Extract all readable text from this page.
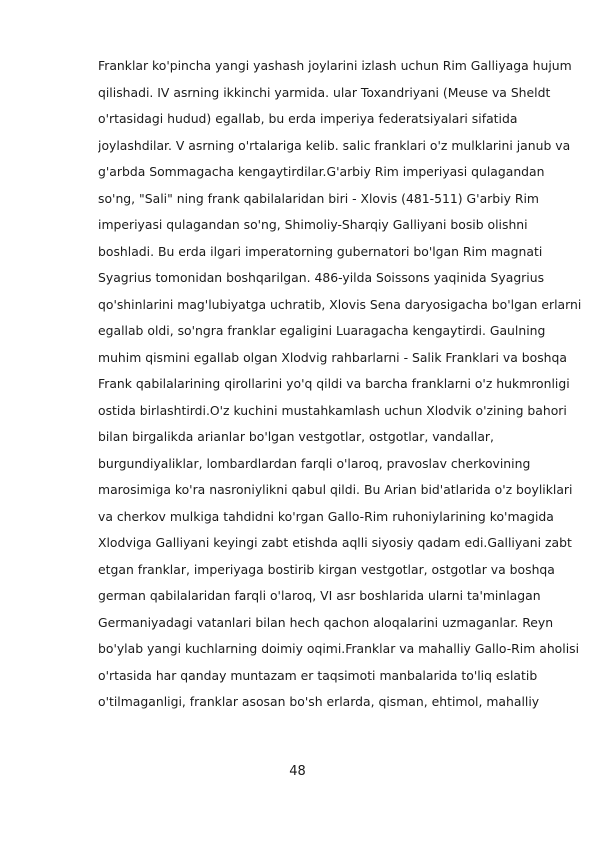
Franklar ko'pincha yangi yashash joylarini izlash uchun Rim Galliyaga hujum
qilishadi. IV asrning ikkinchi yarmida. ular Toxandriyani (Meuse va Sheldt
o'rtasidagi hudud) egallab, bu erda imperiya federatsiyalari sifatida
joylashdilar. V asrning o'rtalariga kelib. salic franklari o'z mulklarini janub va
g'arbda Sommagacha kengaytirdilar.G'arbiy Rim imperiyasi qulagandan
so'ng, "Sali" ning frank qabilalaridan biri - Xlovis (481-511) G'arbiy Rim
imperiyasi qulagandan so'ng, Shimoliy-Sharqiy Galliyani bosib olishni
boshladi. Bu erda ilgari imperatorning gubernatori bo'lgan Rim magnati
Syagrius tomonidan boshqarilgan. 486-yilda Soissons yaqinida Syagrius
qo'shinlarini mag'lubiyatga uchratib, Xlovis Sena daryosigacha bo'lgan erlarni
egallab oldi, so'ngra franklar egaligini Luaragacha kengaytirdi. Gaulning
muhim qismini egallab olgan Xlodvig rahbarlarni - Salik Franklari va boshqa
Frank qabilalarining qirollarini yo'q qildi va barcha franklarni o'z hukmronligi
ostida birlashtirdi.O'z kuchini mustahkamlash uchun Xlodvik o'zining bahori
bilan birgalikda arianlar bo'lgan vestgotlar, ostgotlar, vandallar,
burgundiyaliklar, lombardlardan farqli o'laroq, pravoslav cherkovining
marosimiga ko'ra nasroniylikni qabul qildi. Bu Arian bid'atlarida o'z boyliklari
va cherkov mulkiga tahdidni ko'rgan Gallo-Rim ruhoniylarining ko'magida
Xlodviga Galliyani keyingi zabt etishda aqlli siyosiy qadam edi.Galliyani zabt
etgan franklar, imperiyaga bostirib kirgan vestgotlar, ostgotlar va boshqa
german qabilalaridan farqli o'laroq, VI asr boshlarida ularni ta'minlagan
Germaniyadagi vatanlari bilan hech qachon aloqalarini uzmaganlar. Reyn
bo'ylab yangi kuchlarning doimiy oqimi.Franklar va mahalliy Gallo-Rim aholisi
o'rtasida har qanday muntazam er taqsimoti manbalarida to'liq eslatib
o'tilmaganligi, franklar asosan bo'sh erlarda, qisman, ehtimol, mahalliy
48
